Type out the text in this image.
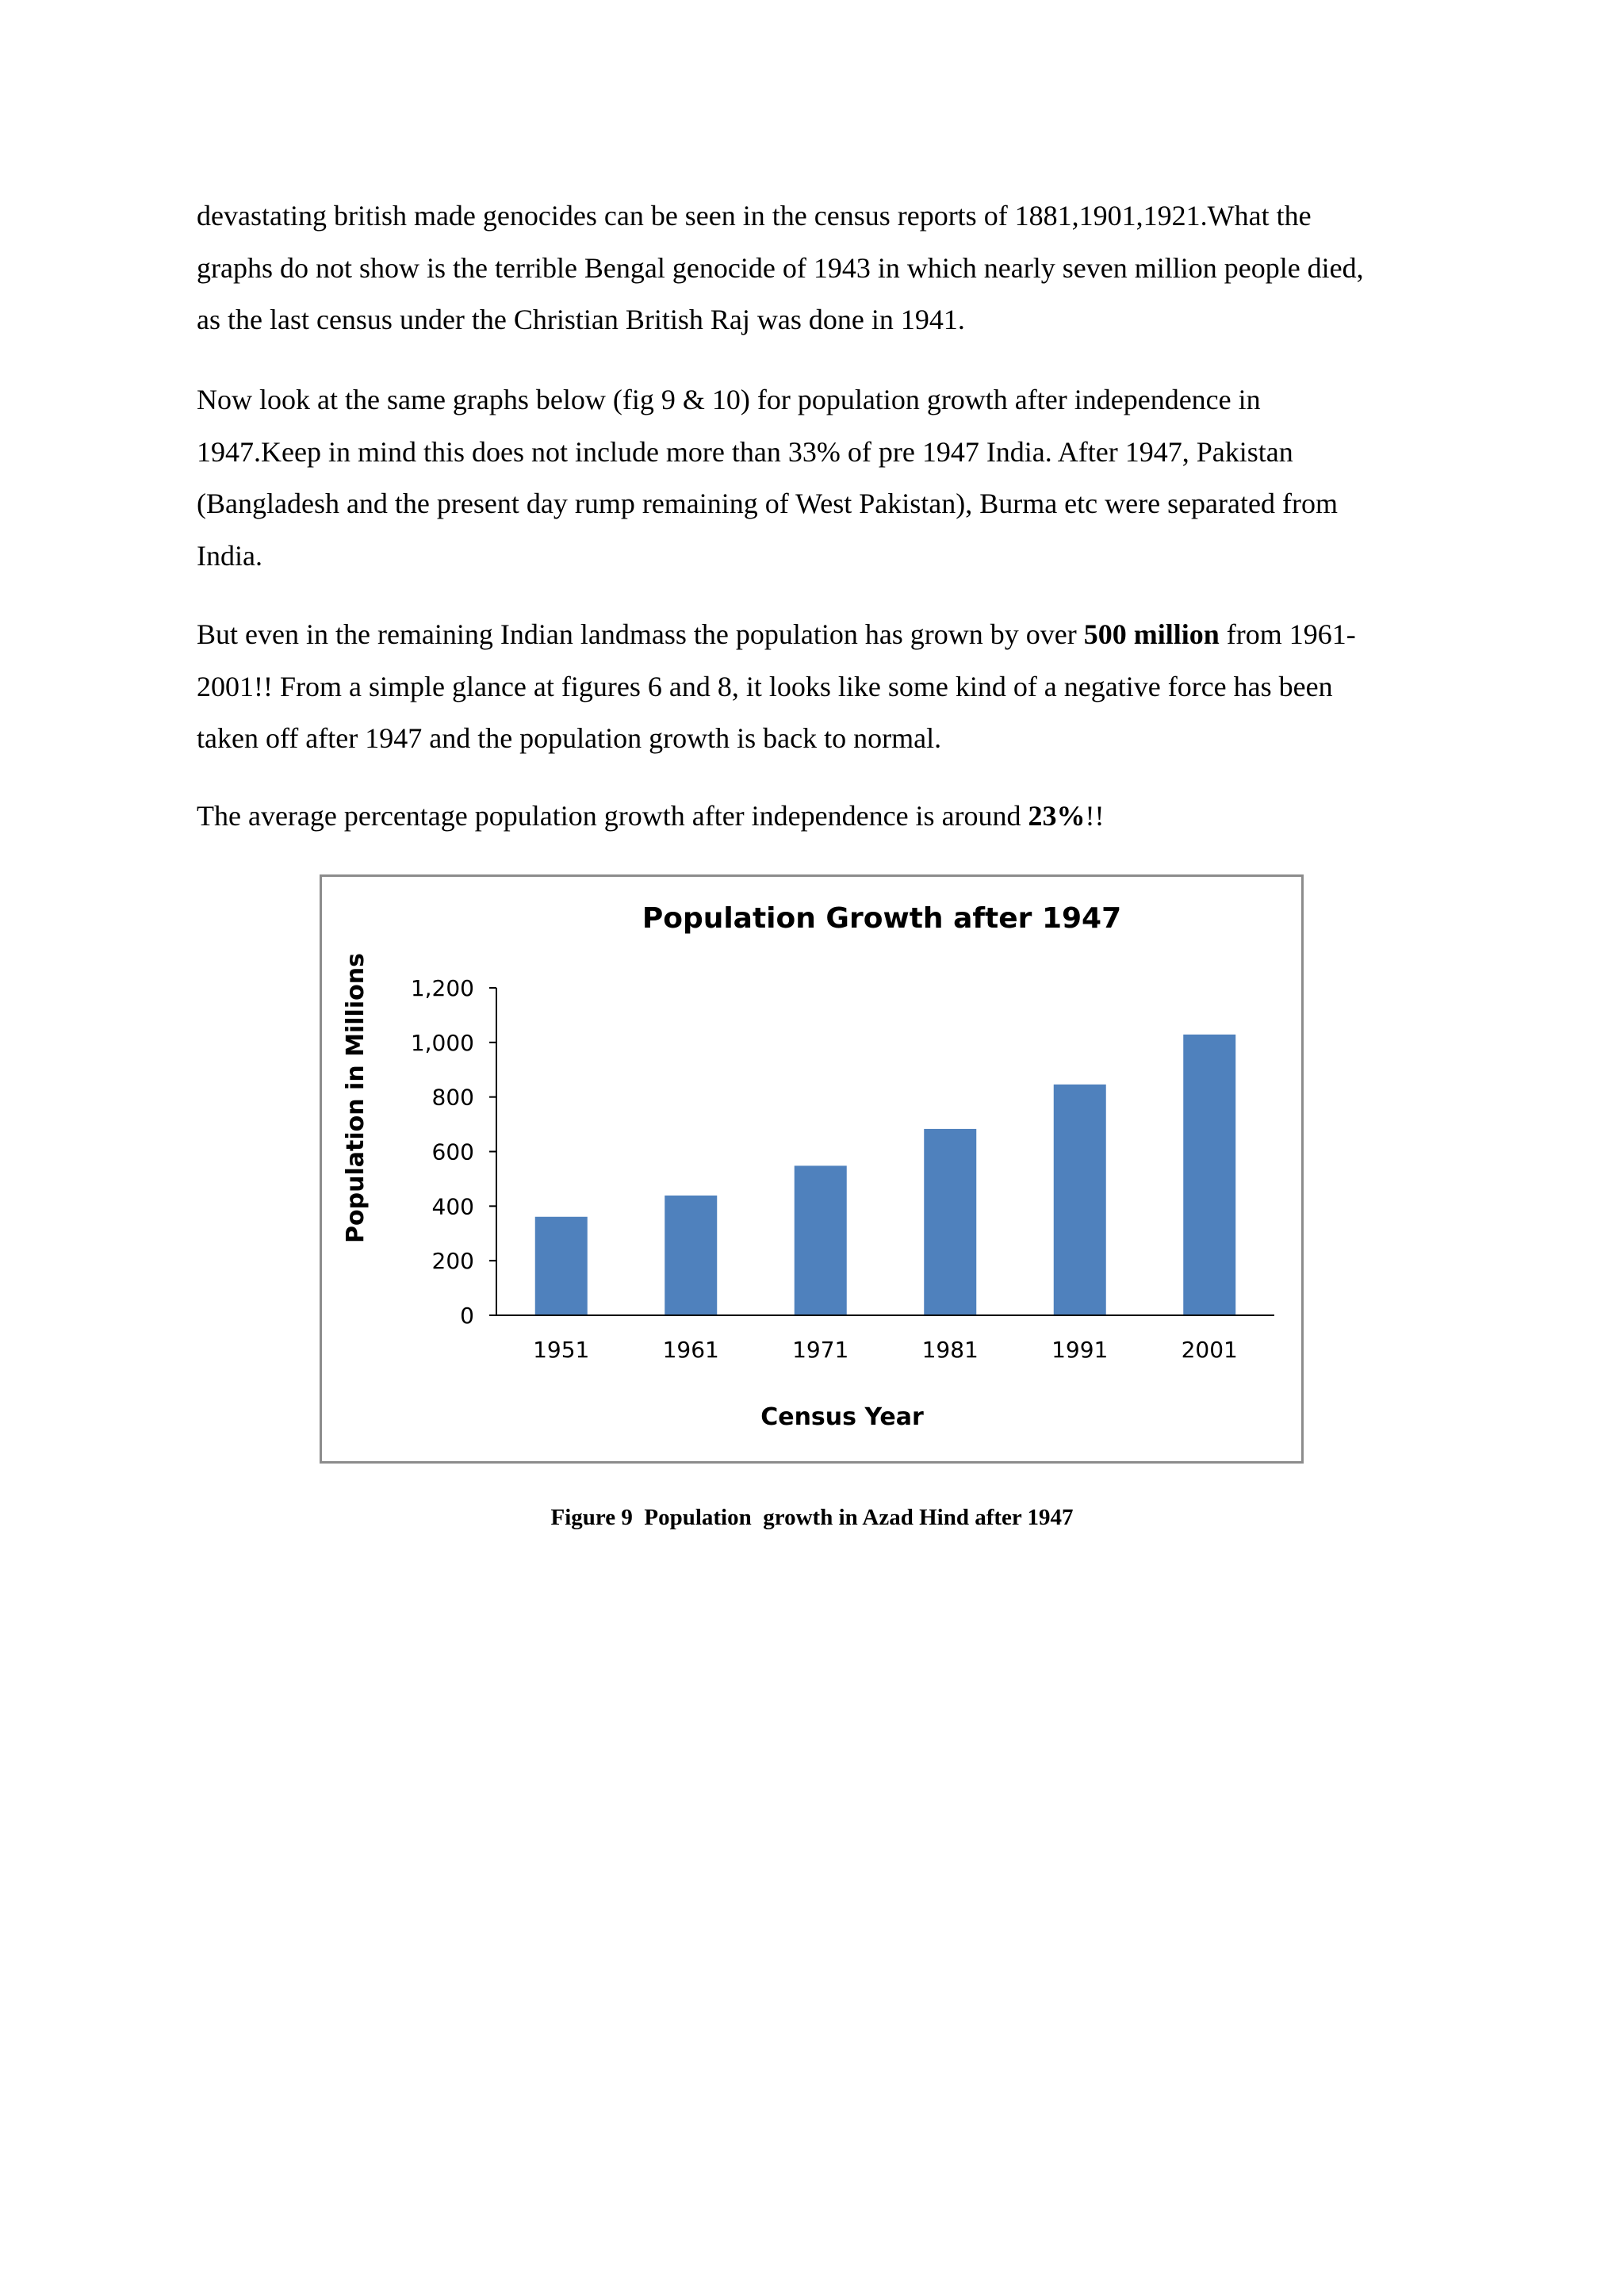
devastating british made genocides can be seen in the census reports of 1881,1901,1921.What the
graphs do not show is the terrible Bengal genocide of 1943 in which nearly seven million people died,
as the last census under the Christian British Raj was done in 1941.

Now look at the same graphs below (fig 9 & 10) for population growth after independence in
1947.Keep in mind this does not include more than 33% of pre 1947 India. After 1947, Pakistan
(Bangladesh and the present day rump remaining of West Pakistan), Burma etc were separated from
India.

But even in the remaining Indian landmass the population has grown by over 500 million from 1961-
2001!! From a simple glance at figures 6 and 8, it looks like some kind of a negative force has been
taken off after 1947 and the population growth is back to normal.

The average percentage population growth after independence is around 23%!!

Population Growth after 1947
Population in Millions
Census Year
0
200
400
600
800
1,000
1,200
1951	1961	1971	1981	1991	2001
Figure 9  Population  growth in Azad Hind after 1947
